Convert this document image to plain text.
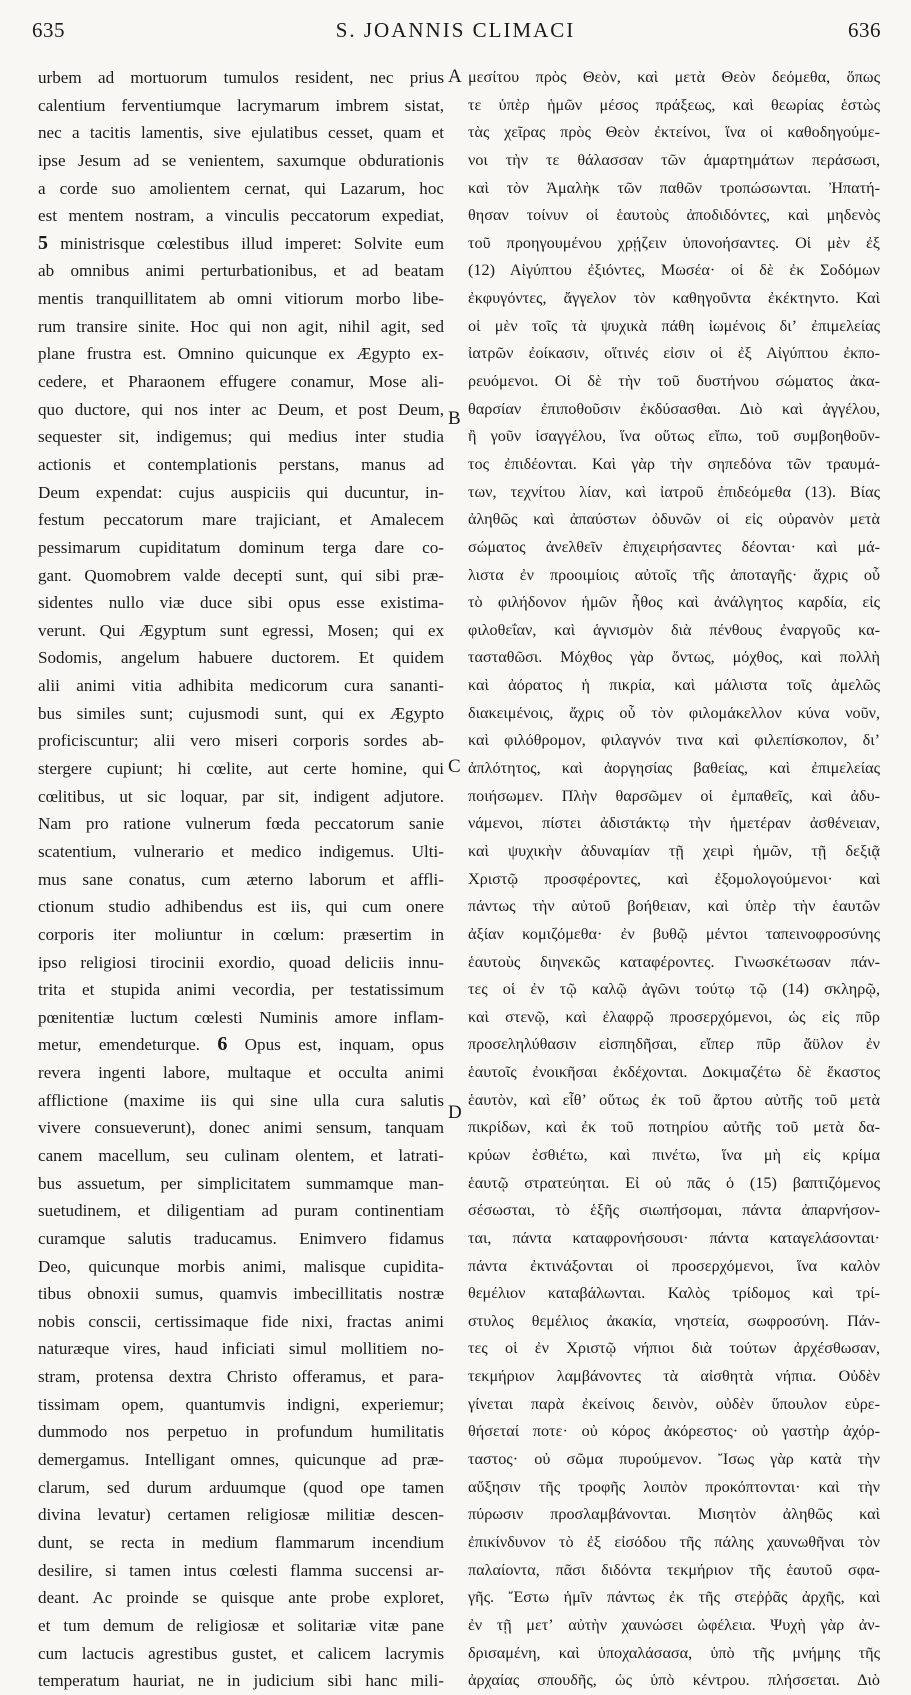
635	S. JOANNIS CLIMACI	636
urbem ad mortuorum tumulos resident, nec prius
calentium ferventiumque lacrymarum imbrem sistat,
nec a tacitis lamentis, sive ejulatibus cesset, quam et
ipse Jesum ad se venientem, saxumque obdurationis
a corde suo amolientem cernat, qui Lazarum, hoc
est mentem nostram, a vinculis peccatorum expediat,
5 ministrisque cœlestibus illud imperet: Solvite eum
ab omnibus animi perturbationibus, et ad beatam
mentis tranquillitatem ab omni vitiorum morbo libe-
rum transire sinite. Hoc qui non agit, nihil agit, sed
plane frustra est. Omnino quicunque ex Ægypto ex-
cedere, et Pharaonem effugere conamur, Mose ali-
quo ductore, qui nos inter ac Deum, et post Deum,
sequester sit, indigemus; qui medius inter studia
actionis et contemplationis perstans, manus ad
Deum expendat: cujus auspiciis qui ducuntur, in-
festum peccatorum mare trajiciant, et Amalecem
pessimarum cupiditatum dominum terga dare co-
gant. Quomobrem valde decepti sunt, qui sibi præ-
sidentes nullo viæ duce sibi opus esse existima-
verunt. Qui Ægyptum sunt egressi, Mosen; qui ex
Sodomis, angelum habuere ductorem. Et quidem
alii animi vitia adhibita medicorum cura sananti-
bus similes sunt; cujusmodi sunt, qui ex Ægypto
proficiscuntur; alii vero miseri corporis sordes ab-
stergere cupiunt; hi cœlite, aut certe homine, qui
cœlitibus, ut sic loquar, par sit, indigent adjutore.
Nam pro ratione vulnerum fœda peccatorum sanie
scatentium, vulnerario et medico indigemus. Ulti-
mus sane conatus, cum æterno laborum et affli-
ctionum studio adhibendus est iis, qui cum onere
corporis iter moliuntur in cœlum: præsertim in
ipso religiosi tirocinii exordio, quoad deliciis innu-
trita et stupida animi vecordia, per testatissimum
pœnitentiæ luctum cœlesti Numinis amore inflam-
metur, emendeturque. 6 Opus est, inquam, opus
revera ingenti labore, multaque et occulta animi
afflictione (maxime iis qui sine ulla cura salutis
vivere consueverunt), donec animi sensum, tanquam
canem macellum, seu culinam olentem, et latrati-
bus assuetum, per simplicitatem summamque man-
suetudinem, et diligentiam ad puram continentiam
curamque salutis traducamus. Enimvero fidamus
Deo, quicunque morbis animi, malisque cupidita-
tibus obnoxii sumus, quamvis imbecillitatis nostræ
nobis conscii, certissimaque fide nixi, fractas animi
naturæque vires, haud inficiati simul mollitiem no-
stram, protensa dextra Christo offeramus, et para-
tissimam opem, quantumvis indigni, experiemur;
dummodo nos perpetuo in profundum humilitatis
demergamus. Intelligant omnes, quicunque ad præ-
clarum, sed durum arduumque (quod ope tamen
divina levatur) certamen religiosæ militiæ descen-
dunt, se recta in medium flammarum incendium
desilire, si tamen intus cœlesti flamma succensi ar-
deant. Ac proinde se quisque ante probe exploret,
et tum demum de religiosæ et solitariæ vitæ pane
cum lactucis agrestibus gustet, et calicem lacrymis
temperatum hauriat, ne in judicium sibi hanc mili-
μεσίτου πρὸς Θεὸν, καὶ μετὰ Θεὸν δεόμεθα, ὅπως
τε ὑπὲρ ἡμῶν μέσος πράξεως, καὶ θεωρίας ἑστὼς
τὰς χεῖρας πρὸς Θεὸν ἐκτείνοι, ἵνα οἱ καθοδηγούμε-
νοι τὴν τε θάλασσαν τῶν ἁμαρτημάτων περάσωσι,
καὶ τὸν Ἀμαλὴκ τῶν παθῶν τροπώσωνται. Ἠπατή-
θησαν τοίνυν οἱ ἑαυτοὺς ἀποδιδόντες, καὶ μηδενὸς
τοῦ προηγουμένου χρῄζειν ὑπονοήσαντες. Οἱ μὲν ἐξ
(12) Αἰγύπτου ἐξιόντες, Μωσέα· οἱ δὲ ἐκ Σοδόμων
ἐκφυγόντες, ἄγγελον τὸν καθηγοῦντα ἐκέκτηντο. Καὶ
οἱ μὲν τοῖς τὰ ψυχικὰ πάθη ἰωμένοις διʼ ἐπιμελείας
ἰατρῶν ἐοίκασιν, οἵτινές εἰσιν οἱ ἐξ Αἰγύπτου ἐκπο-
ρευόμενοι. Οἱ δὲ τὴν τοῦ δυστήνου σώματος ἀκα-
θαρσίαν ἐπιποθοῦσιν ἐκδύσασθαι. Διὸ καὶ ἀγγέλου,
ἢ γοῦν ἰσαγγέλου, ἵνα οὕτως εἴπω, τοῦ συμβοηθοῦν-
τος ἐπιδέονται. Καὶ γὰρ τὴν σηπεδόνα τῶν τραυμά-
των, τεχνίτου λίαν, καὶ ἰατροῦ ἐπιδεόμεθα (13). Βίας
ἀληθῶς καὶ ἀπαύστων ὀδυνῶν οἱ εἰς οὐρανὸν μετὰ
σώματος ἀνελθεῖν ἐπιχειρήσαντες δέονται· καὶ μά-
λιστα ἐν προοιμίοις αὐτοῖς τῆς ἀποταγῆς· ἄχρις οὗ
τὸ φιλήδονον ἡμῶν ἦθος καὶ ἀνάλγητος καρδία, εἰς
φιλοθεΐαν, καὶ ἁγνισμὸν διὰ πένθους ἐναργοῦς κα-
τασταθῶσι. Μόχθος γὰρ ὄντως, μόχθος, καὶ πολλὴ
καὶ ἀόρατος ἡ πικρία, καὶ μάλιστα τοῖς ἀμελῶς
διακειμένοις, ἄχρις οὗ τὸν φιλομάκελλον κύνα νοῦν,
καὶ φιλόθρομον, φιλαγνόν τινα καὶ φιλεπίσκοπον, διʼ
ἀπλότητος, καὶ ἀοργησίας βαθείας, καὶ ἐπιμελείας
ποιήσωμεν. Πλὴν θαρσῶμεν οἱ ἐμπαθεῖς, καὶ ἀδυ-
νάμενοι, πίστει ἀδιστάκτῳ τὴν ἡμετέραν ἀσθένειαν,
καὶ ψυχικὴν ἀδυναμίαν τῇ χειρὶ ἡμῶν, τῇ δεξιᾷ
Χριστῷ προσφέροντες, καὶ ἐξομολογούμενοι· καὶ
πάντως τὴν αὐτοῦ βοήθειαν, καὶ ὑπὲρ τὴν ἑαυτῶν
ἀξίαν κομιζόμεθα· ἐν βυθῷ μέντοι ταπεινοφροσύνης
ἑαυτοὺς διηνεκῶς καταφέροντες. Γινωσκέτωσαν πάν-
τες οἱ ἐν τῷ καλῷ ἀγῶνι τούτῳ τῷ (14) σκληρῷ,
καὶ στενῷ, καὶ ἐλαφρῷ προσερχόμενοι, ὡς εἰς πῦρ
προσεληλύθασιν εἰσπηδῆσαι, εἴπερ πῦρ ἄϋλον ἐν
ἑαυτοῖς ἐνοικῆσαι ἐκδέχονται. Δοκιμαζέτω δὲ ἕκαστος
ἑαυτὸν, καὶ εἶθʼ οὕτως ἐκ τοῦ ἄρτου αὐτῆς τοῦ μετὰ
πικρίδων, καὶ ἐκ τοῦ ποτηρίου αὐτῆς τοῦ μετὰ δα-
κρύων ἐσθιέτω, καὶ πινέτω, ἵνα μὴ εἰς κρίμα
ἑαυτῷ στρατεύηται. Εἰ οὐ πᾶς ὁ (15) βαπτιζόμενος
σέσωσται, τὸ ἑξῆς σιωπήσομαι, πάντα ἀπαρνήσον-
ται, πάντα καταφρονήσουσι· πάντα καταγελάσονται·
πάντα ἐκτινάξονται οἱ προσερχόμενοι, ἵνα καλὸν
θεμέλιον καταβάλωνται. Καλὸς τρίδομος καὶ τρί-
στυλος θεμέλιος ἀκακία, νηστεία, σωφροσύνη. Πάν-
τες οἱ ἐν Χριστῷ νήπιοι διὰ τούτων ἀρχέσθωσαν,
τεκμήριον λαμβάνοντες τὰ αἰσθητὰ νήπια. Οὐδὲν
γίνεται παρὰ ἐκείνοις δεινὸν, οὐδὲν ὕπουλον εὑρε-
θήσεταί ποτε· οὐ κόρος ἀκόρεστος· οὐ γαστὴρ ἀχόρ-
ταστος· οὐ σῶμα πυρούμενον. Ἴσως γὰρ κατὰ τὴν
αὔξησιν τῆς τροφῆς λοιπὸν προκόπτονται· καὶ τὴν
πύρωσιν προσλαμβάνονται. Μισητὸν ἀληθῶς καὶ
ἐπικίνδυνον τὸ ἐξ εἰσόδου τῆς πάλης χαυνωθῆναι τὸν
παλαίοντα, πᾶσι διδόντα τεκμήριον τῆς ἑαυτοῦ σφα-
γῆς. Ἔστω ἡμῖν πάντως ἐκ τῆς στεῤῥᾶς ἀρχῆς, καὶ
ἐν τῇ μετʼ αὐτὴν χαυνώσει ὠφέλεια. Ψυχὴ γὰρ ἀν-
δρισαμένη, καὶ ὑποχαλάσασα, ὑπὸ τῆς μνήμης τῆς
ἀρχαίας σπουδῆς, ὡς ὑπὸ κέντρου. πλήσσεται. Διὸ
A
B
C
D
